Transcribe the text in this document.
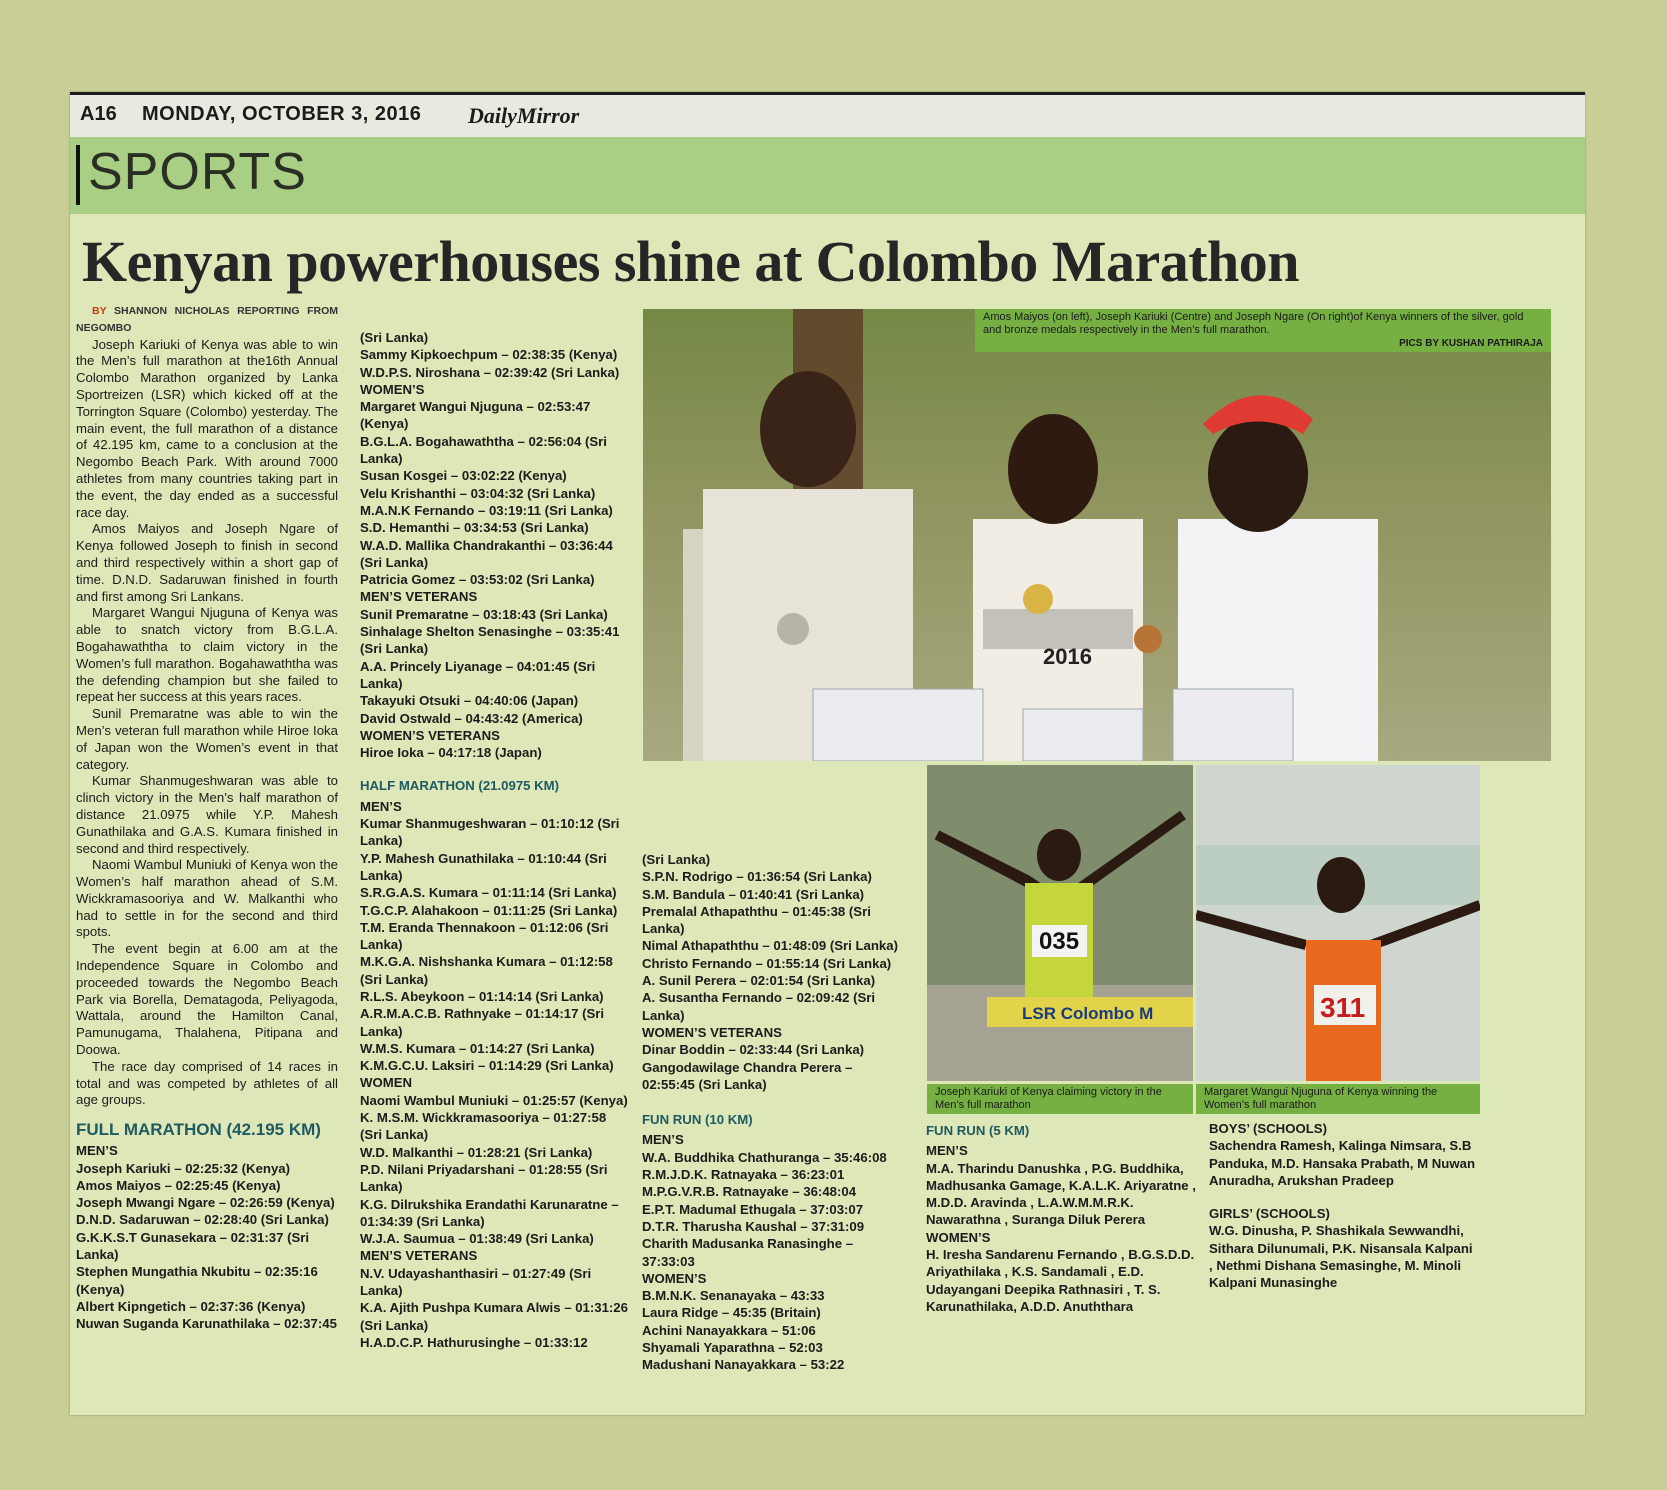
A16 MONDAY, OCTOBER 3, 2016 DailyMirror
SPORTS
Kenyan powerhouses shine at Colombo Marathon

BY SHANNON NICHOLAS REPORTING FROM NEGOMBO

Joseph Kariuki of Kenya was able to win the Men’s full marathon at the16th Annual Colombo Marathon organized by Lanka Sportreizen (LSR) which kicked off at the Torrington Square (Colombo) yesterday. The main event, the full marathon of a distance of 42.195 km, came to a conclusion at the Negombo Beach Park. With around 7000 athletes from many countries taking part in the event, the day ended as a successful race day.

Amos Maiyos and Joseph Ngare of Kenya followed Joseph to finish in second and third respectively within a short gap of time. D.N.D. Sadaruwan finished in fourth and first among Sri Lankans.

Margaret Wangui Njuguna of Kenya was able to snatch victory from B.G.L.A. Bogahawaththa to claim victory in the Women’s full marathon. Bogahawaththa was the defending champion but she failed to repeat her success at this years races.

Sunil Premaratne was able to win the Men’s veteran full marathon while Hiroe Ioka of Japan won the Women’s event in that category.

Kumar Shanmugeshwaran was able to clinch victory in the Men’s half marathon of distance 21.0975 while Y.P. Mahesh Gunathilaka and G.A.S. Kumara finished in second and third respectively.

Naomi Wambul Muniuki of Kenya won the Women’s half marathon ahead of S.M. Wickkramasooriya and W. Malkanthi who had to settle in for the second and third spots.

The event begin at 6.00 am at the Independence Square in Colombo and proceeded towards the Negombo Beach Park via Borella, Dematagoda, Peliyagoda, Wattala, around the Hamilton Canal, Pamunugama, Thalahena, Pitipana and Doowa.

The race day comprised of 14 races in total and was competed by athletes of all age groups.

FULL MARATHON (42.195 KM)
MEN’S
Joseph Kariuki – 02:25:32 (Kenya)
Amos Maiyos – 02:25:45 (Kenya)
Joseph Mwangi Ngare – 02:26:59 (Kenya)
D.N.D. Sadaruwan – 02:28:40 (Sri Lanka)
G.K.K.S.T Gunasekara – 02:31:37 (Sri Lanka)
Stephen Mungathia Nkubitu – 02:35:16 (Kenya)
Albert Kipngetich – 02:37:36 (Kenya)
Nuwan Suganda Karunathilaka – 02:37:45
(Sri Lanka)
Sammy Kipkoechpum – 02:38:35 (Kenya)
W.D.P.S. Niroshana – 02:39:42 (Sri Lanka)
WOMEN’S
Margaret Wangui Njuguna – 02:53:47 (Kenya)
B.G.L.A. Bogahawaththa – 02:56:04 (Sri Lanka)
Susan Kosgei – 03:02:22 (Kenya)
Velu Krishanthi – 03:04:32 (Sri Lanka)
M.A.N.K Fernando – 03:19:11 (Sri Lanka)
S.D. Hemanthi – 03:34:53 (Sri Lanka)
W.A.D. Mallika Chandrakanthi – 03:36:44 (Sri Lanka)
Patricia Gomez – 03:53:02 (Sri Lanka)
MEN’S VETERANS
Sunil Premaratne – 03:18:43 (Sri Lanka)
Sinhalage Shelton Senasinghe – 03:35:41 (Sri Lanka)
A.A. Princely Liyanage – 04:01:45 (Sri Lanka)
Takayuki Otsuki – 04:40:06 (Japan)
David Ostwald – 04:43:42 (America)
WOMEN’S VETERANS
Hiroe Ioka – 04:17:18 (Japan)
HALF MARATHON (21.0975 KM)
MEN’S
Kumar Shanmugeshwaran – 01:10:12 (Sri Lanka)
Y.P. Mahesh Gunathilaka – 01:10:44 (Sri Lanka)
S.R.G.A.S. Kumara – 01:11:14 (Sri Lanka)
T.G.C.P. Alahakoon – 01:11:25 (Sri Lanka)
T.M. Eranda Thennakoon – 01:12:06 (Sri Lanka)
M.K.G.A. Nishshanka Kumara – 01:12:58 (Sri Lanka)
R.L.S. Abeykoon – 01:14:14 (Sri Lanka)
A.R.M.A.C.B. Rathnyake – 01:14:17 (Sri Lanka)
W.M.S. Kumara – 01:14:27 (Sri Lanka)
K.M.G.C.U. Laksiri – 01:14:29 (Sri Lanka)
WOMEN
Naomi Wambul Muniuki – 01:25:57 (Kenya)
K. M.S.M. Wickkramasooriya – 01:27:58 (Sri Lanka)
W.D. Malkanthi – 01:28:21 (Sri Lanka)
P.D. Nilani Priyadarshani – 01:28:55 (Sri Lanka)
K.G. Dilrukshika Erandathi Karunaratne – 01:34:39 (Sri Lanka)
W.J.A. Saumua – 01:38:49 (Sri Lanka)
MEN’S VETERANS
N.V. Udayashanthasiri – 01:27:49 (Sri Lanka)
K.A. Ajith Pushpa Kumara Alwis – 01:31:26 (Sri Lanka)
H.A.D.C.P. Hathurusinghe – 01:33:12
(Sri Lanka)
S.P.N. Rodrigo – 01:36:54 (Sri Lanka)
S.M. Bandula – 01:40:41 (Sri Lanka)
Premalal Athapaththu – 01:45:38 (Sri Lanka)
Nimal Athapaththu – 01:48:09 (Sri Lanka)
Christo Fernando – 01:55:14 (Sri Lanka)
A. Sunil Perera – 02:01:54 (Sri Lanka)
A. Susantha Fernando – 02:09:42 (Sri Lanka)
WOMEN’S VETERANS
Dinar Boddin – 02:33:44 (Sri Lanka)
Gangodawilage Chandra Perera – 02:55:45 (Sri Lanka)
FUN RUN (10 KM)
MEN’S
W.A. Buddhika Chathuranga – 35:46:08
R.M.J.D.K. Ratnayaka – 36:23:01
M.P.G.V.R.B. Ratnayake – 36:48:04
E.P.T. Madumal Ethugala – 37:03:07
D.T.R. Tharusha Kaushal – 37:31:09
Charith Madusanka Ranasinghe – 37:33:03
WOMEN’S
B.M.N.K. Senanayaka – 43:33
Laura Ridge – 45:35 (Britain)
Achini Nanayakkara – 51:06
Shyamali Yaparathna – 52:03
Madushani Nanayakkara – 53:22
2016
Amos Maiyos (on left), Joseph Kariuki (Centre) and Joseph Ngare (On right)of Kenya winners of the silver, gold and bronze medals respectively in the Men’s full marathon.
PICS BY KUSHAN PATHIRAJA
035
LSR Colombo M	311
Joseph Kariuki of Kenya claiming victory in the Men’s full marathon
Margaret Wangui Njuguna of Kenya winning the Women’s full marathon
FUN RUN (5 KM)
MEN’S
M.A. Tharindu Danushka , P.G. Buddhika, Madhusanka Gamage, K.A.L.K. Ariyaratne , M.D.D. Aravinda , L.A.W.M.M.R.K. Nawarathna , Suranga Diluk Perera
WOMEN’S
H. Iresha Sandarenu Fernando , B.G.S.D.D. Ariyathilaka , K.S. Sandamali , E.D. Udayangani Deepika Rathnasiri , T. S. Karunathilaka, A.D.D. Anuththara
BOYS’ (SCHOOLS)
Sachendra Ramesh, Kalinga Nimsara, S.B Panduka, M.D. Hansaka Prabath, M Nuwan Anuradha, Arukshan Pradeep
GIRLS’ (SCHOOLS)
W.G. Dinusha, P. Shashikala Sewwandhi, Sithara Dilunumali, P.K. Nisansala Kalpani , Nethmi Dishana Semasinghe, M. Minoli Kalpani Munasinghe
